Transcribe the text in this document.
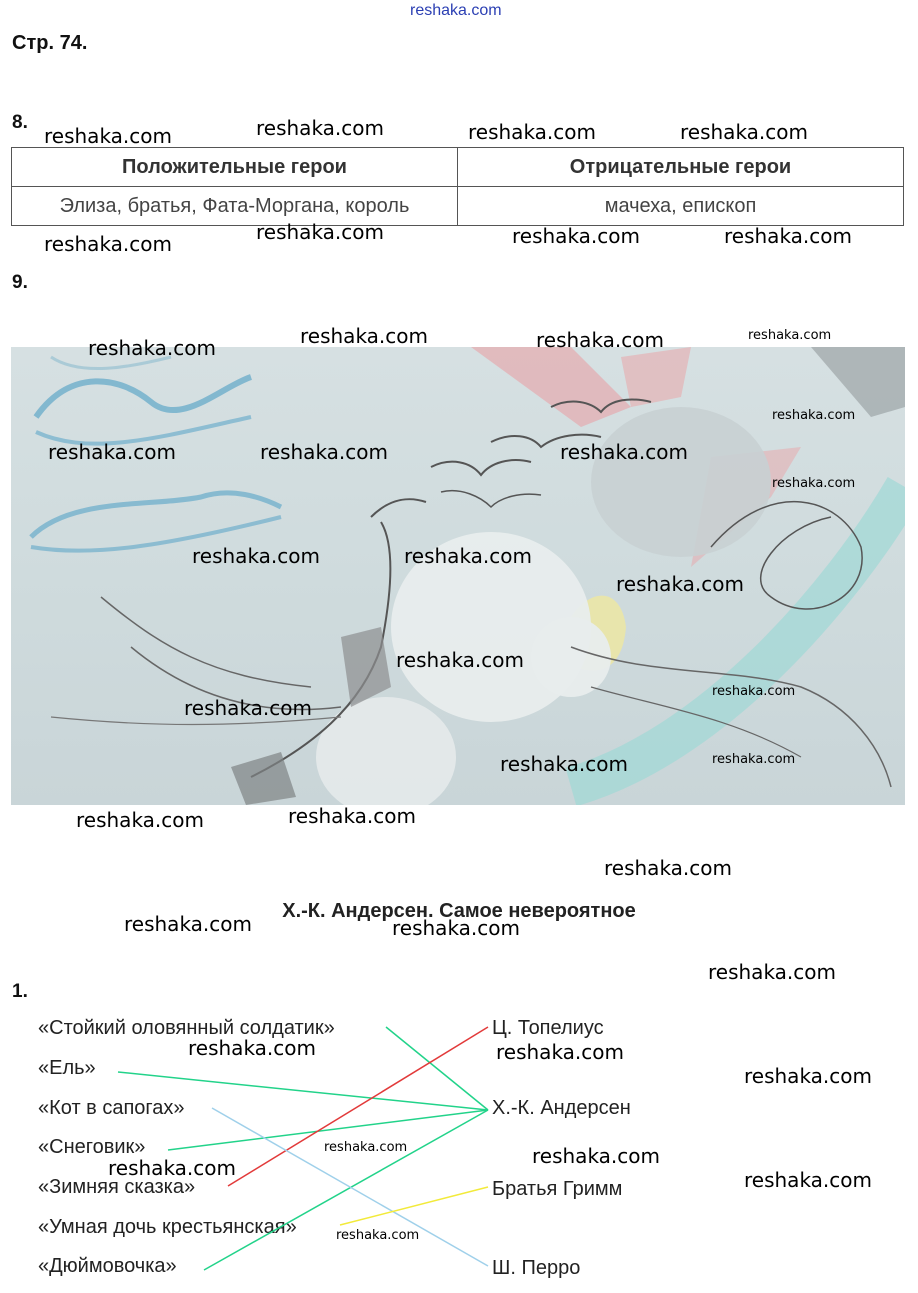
reshaka.com
Стр. 74.
8.
Положительные герои	Отрицательные герои
Элиза, братья, Фата-Моргана, король	мачеха, епископ
9.
Х.-К. Андерсен. Самое невероятное
1.
«Стойкий оловянный солдатик»
«Ель»
«Кот в сапогах»
«Снеговик»
«Зимняя сказка»
«Умная дочь крестьянская»
«Дюймовочка»
Ц. Топелиус
Х.-К. Андерсен
Братья Гримм
Ш. Перро
reshaka.com	reshaka.com	reshaka.com	reshaka.com
reshaka.com	reshaka.com	reshaka.com	reshaka.com
reshaka.com
reshaka.com	reshaka.com	reshaka.com
reshaka.com
reshaka.com	reshaka.com	reshaka.com
reshaka.com
reshaka.com	reshaka.com
reshaka.com
reshaka.com
reshaka.com
reshaka.com
reshaka.com	reshaka.com
reshaka.com	reshaka.com
reshaka.com
reshaka.com	reshaka.com
reshaka.com
reshaka.com	reshaka.com
reshaka.com
reshaka.com
reshaka.com	reshaka.com
reshaka.com
reshaka.com
